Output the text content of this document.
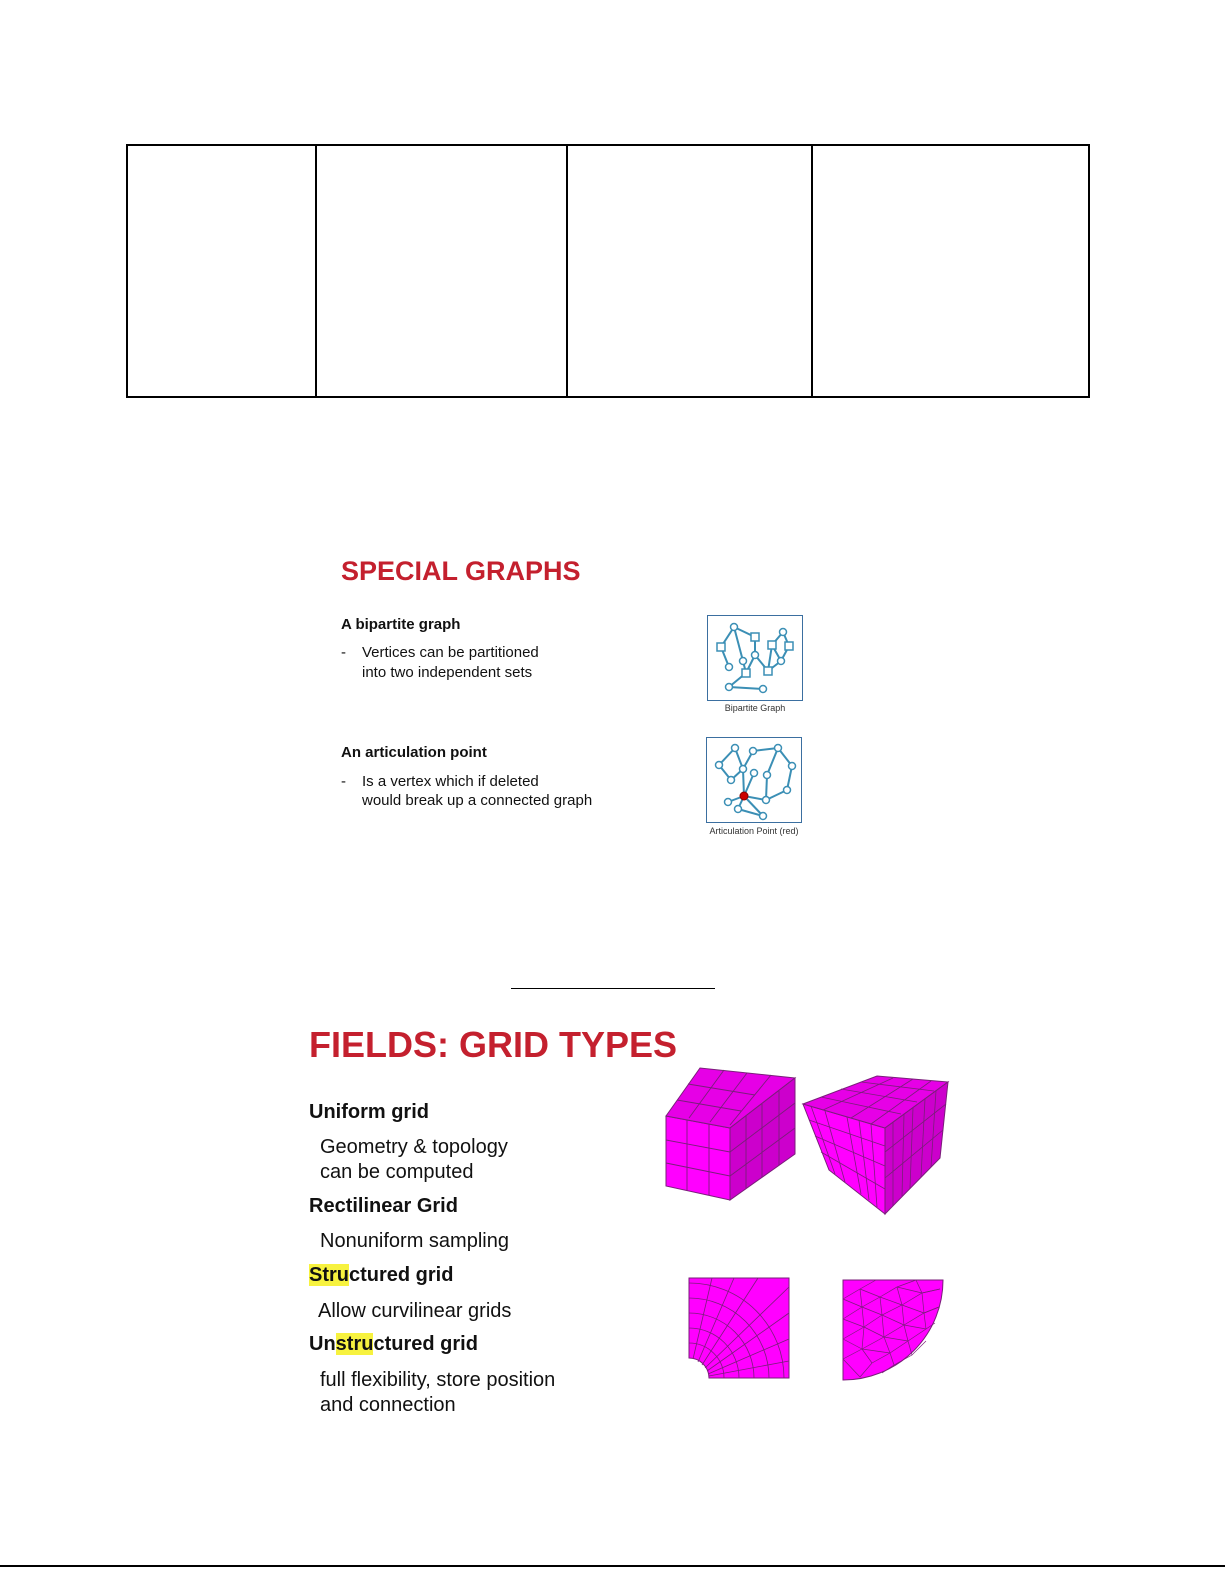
SPECIAL GRAPHS
A bipartite graph
- Vertices can be partitioned
into two independent sets
Bipartite Graph
An articulation point
- Is a vertex which if deleted
would break up a connected graph
Articulation Point (red)
FIELDS: GRID TYPES
Uniform grid
Geometry & topology
can be computed
Rectilinear Grid
Nonuniform sampling
Structured grid
Allow curvilinear grids
Unstructured grid
full flexibility, store position
and connection
